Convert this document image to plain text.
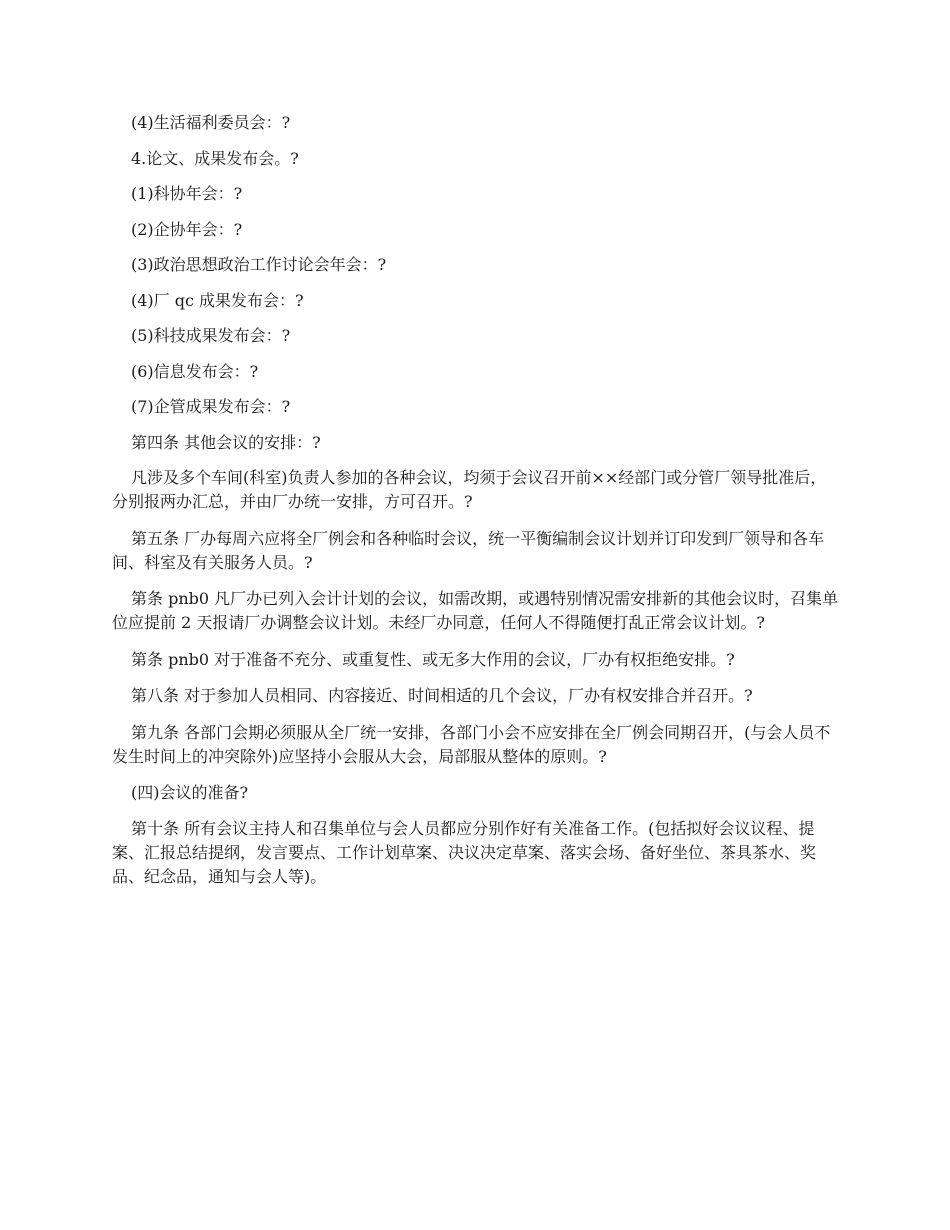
(4)生活福利委员会：?

4.论文、成果发布会。?

(1)科协年会：?

(2)企协年会：?

(3)政治思想政治工作讨论会年会：?

(4)厂 qc 成果发布会：?

(5)科技成果发布会：?

(6)信息发布会：?

(7)企管成果发布会：?

第四条 其他会议的安排：?

凡涉及多个车间(科室)负责人参加的各种会议，均须于会议召开前××经部门或分管厂领导批准后，分别报两办汇总，并由厂办统一安排，方可召开。?

第五条 厂办每周六应将全厂例会和各种临时会议，统一平衡编制会议计划并订印发到厂领导和各车间、科室及有关服务人员。?

第条 pnb0 凡厂办已列入会计计划的会议，如需改期，或遇特别情况需安排新的其他会议时，召集单位应提前 2 天报请厂办调整会议计划。未经厂办同意，任何人不得随便打乱正常会议计划。?

第条 pnb0 对于准备不充分、或重复性、或无多大作用的会议，厂办有权拒绝安排。?

第八条 对于参加人员相同、内容接近、时间相适的几个会议，厂办有权安排合并召开。?

第九条 各部门会期必须服从全厂统一安排，各部门小会不应安排在全厂例会同期召开，(与会人员不发生时间上的冲突除外)应坚持小会服从大会，局部服从整体的原则。?

(四)会议的准备?

第十条 所有会议主持人和召集单位与会人员都应分别作好有关准备工作。(包括拟好会议议程、提案、汇报总结提纲，发言要点、工作计划草案、决议决定草案、落实会场、备好坐位、茶具茶水、奖品、纪念品，通知与会人等)。
